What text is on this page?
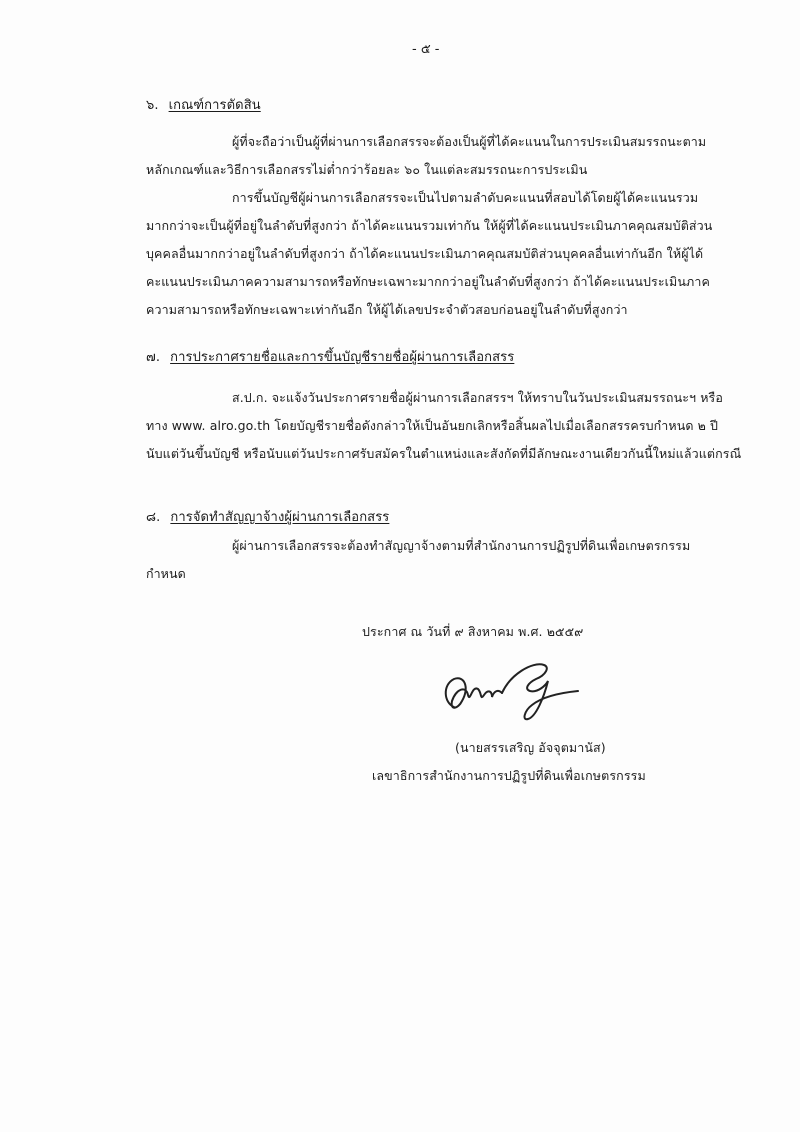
- ๕ -
๖. เกณฑ์การตัดสิน
ผู้ที่จะถือว่าเป็นผู้ที่ผ่านการเลือกสรรจะต้องเป็นผู้ที่ได้คะแนนในการประเมินสมรรถนะตาม
หลักเกณฑ์และวิธีการเลือกสรรไม่ต่ำกว่าร้อยละ ๖๐ ในแต่ละสมรรถนะการประเมิน
การขึ้นบัญชีผู้ผ่านการเลือกสรรจะเป็นไปตามลำดับคะแนนที่สอบได้โดยผู้ได้คะแนนรวม
มากกว่าจะเป็นผู้ที่อยู่ในลำดับที่สูงกว่า ถ้าได้คะแนนรวมเท่ากัน ให้ผู้ที่ได้คะแนนประเมินภาคคุณสมบัติส่วน
บุคคลอื่นมากกว่าอยู่ในลำดับที่สูงกว่า ถ้าได้คะแนนประเมินภาคคุณสมบัติส่วนบุคคลอื่นเท่ากันอีก ให้ผู้ได้
คะแนนประเมินภาคความสามารถหรือทักษะเฉพาะมากกว่าอยู่ในลำดับที่สูงกว่า ถ้าได้คะแนนประเมินภาค
ความสามารถหรือทักษะเฉพาะเท่ากันอีก ให้ผู้ได้เลขประจำตัวสอบก่อนอยู่ในลำดับที่สูงกว่า
๗. การประกาศรายชื่อและการขึ้นบัญชีรายชื่อผู้ผ่านการเลือกสรร
ส.ป.ก. จะแจ้งวันประกาศรายชื่อผู้ผ่านการเลือกสรรฯ ให้ทราบในวันประเมินสมรรถนะฯ หรือ
ทาง www. alro.go.th โดยบัญชีรายชื่อดังกล่าวให้เป็นอันยกเลิกหรือสิ้นผลไปเมื่อเลือกสรรครบกำหนด ๒ ปี
นับแต่วันขึ้นบัญชี หรือนับแต่วันประกาศรับสมัครในตำแหน่งและสังกัดที่มีลักษณะงานเดียวกันนี้ใหม่แล้วแต่กรณี
๘. การจัดทำสัญญาจ้างผู้ผ่านการเลือกสรร
ผู้ผ่านการเลือกสรรจะต้องทำสัญญาจ้างตามที่สำนักงานการปฏิรูปที่ดินเพื่อเกษตรกรรม
กำหนด
ประกาศ ณ วันที่ ๙ สิงหาคม พ.ศ. ๒๕๕๙
(นายสรรเสริญ อัจจุตมานัส)
เลขาธิการสำนักงานการปฏิรูปที่ดินเพื่อเกษตรกรรม
